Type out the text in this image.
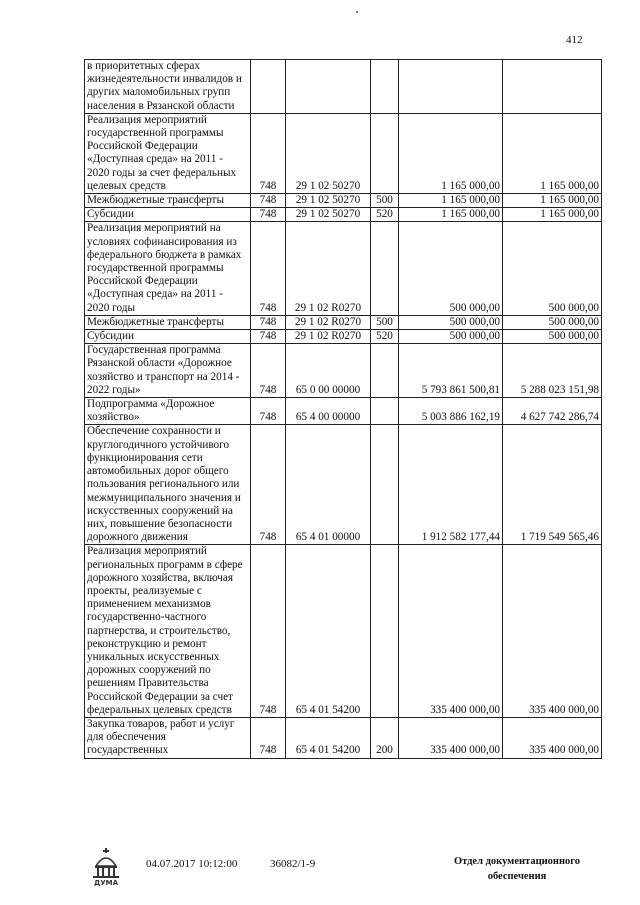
412
в приоритетных сферах жизнедеятельности инвалидов и других маломобильных групп населения в Рязанской области					
Реализация мероприятий государственной программы Российской Федерации «Доступная среда» на 2011 - 2020 годы за счет федеральных целевых средств	748	29 1 02 50270		1 165 000,00	1 165 000,00
Межбюджетные трансферты	748	29 1 02 50270	500	1 165 000,00	1 165 000,00
Субсидии	748	29 1 02 50270	520	1 165 000,00	1 165 000,00
Реализация мероприятий на условиях софинансирования из федерального бюджета в рамках государственной программы Российской Федерации «Доступная среда» на 2011 - 2020 годы	748	29 1 02 R0270		500 000,00	500 000,00
Межбюджетные трансферты	748	29 1 02 R0270	500	500 000,00	500 000,00
Субсидии	748	29 1 02 R0270	520	500 000,00	500 000,00
Государственная программа Рязанской области «Дорожное хозяйство и транспорт на 2014 - 2022 годы»	748	65 0 00 00000		5 793 861 500,81	5 288 023 151,98
Подпрограмма «Дорожное хозяйство»	748	65 4 00 00000		5 003 886 162,19	4 627 742 286,74
Обеспечение сохранности и круглогодичного устойчивого функционирования сети автомобильных дорог общего пользования регионального или межмуниципального значения и искусственных сооружений на них, повышение безопасности дорожного движения	748	65 4 01 00000		1 912 582 177,44	1 719 549 565,46
Реализация мероприятий региональных программ в сфере дорожного хозяйства, включая проекты, реализуемые с применением механизмов государственно-частного партнерства, и строительство, реконструкцию и ремонт уникальных искусственных дорожных сооружений по решениям Правительства Российской Федерации за счет федеральных целевых средств	748	65 4 01 54200		335 400 000,00	335 400 000,00
Закупка товаров, работ и услуг для обеспечения государственных	748	65 4 01 54200	200	335 400 000,00	335 400 000,00
ДУМА
04.07.2017 10:12:00	36082/1-9	Отдел документационного обеспечения
